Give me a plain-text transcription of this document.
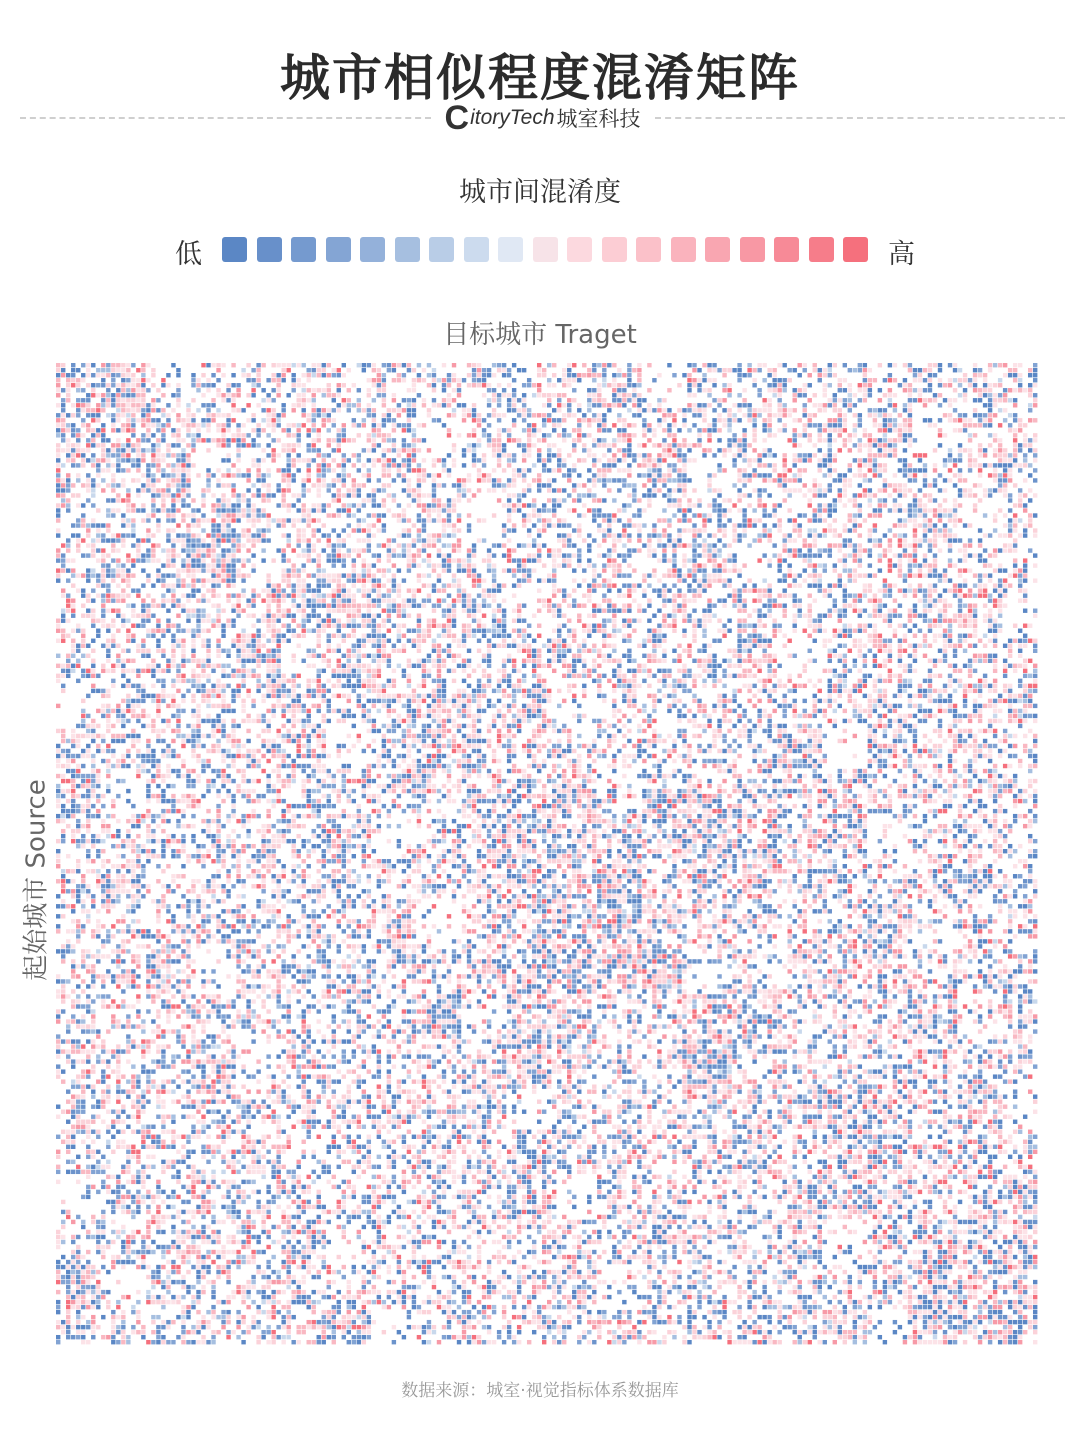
城市相似程度混淆矩阵
C itoryTech 城室科技
城市间混淆度
低	高
目标城市 Traget
起始城市 Source
数据来源：城室·视觉指标体系数据库
